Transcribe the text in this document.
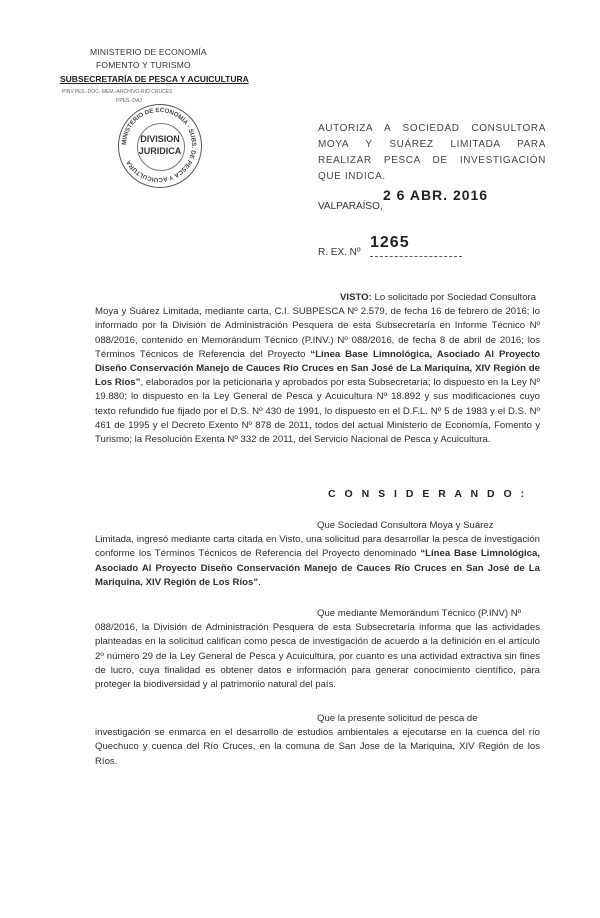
MINISTERIO DE ECONOMÍA
FOMENTO Y TURISMO
SUBSECRETARÍA DE PESCA Y ACUICULTURA
PINV.PES.-DOC.-MEM.-ARCHIVO-RIO CRUCES
PPES.-DAJ
MINISTERIO DE ECONOMÍA · SUBS. DE PESCA Y ACUICULTURA
DIVISION
JURIDICA
AUTORIZA A SOCIEDAD CONSULTORA MOYA Y SUÁREZ LIMITADA PARA REALIZAR PESCA DE INVESTIGACIÓN QUE INDICA.
VALPARAÍSO,
2 6 ABR. 2016
R. EX. Nº
1265
VISTO: Lo solicitado por Sociedad Consultora
Moya y Suárez Limitada, mediante carta, C.I. SUBPESCA Nº 2.579, de fecha 16 de febrero de 2016; lo informado por la División de Administración Pesquera de esta Subsecretaría en Informe Técnico Nº 088/2016, contenido en Memorándum Técnico (P.INV.) Nº 088/2016, de fecha 8 de abril de 2016; los Términos Técnicos de Referencia del Proyecto “Línea Base Limnológica, Asociado Al Proyecto Diseño Conservación Manejo de Cauces Río Cruces en San José de La Mariquina, XIV Región de Los Ríos”, elaborados por la peticionaria y aprobados por esta Subsecretaría; lo dispuesto en la Ley Nº 19.880; lo dispuesto en la Ley General de Pesca y Acuicultura Nº 18.892 y sus modificaciones cuyo texto refundido fue fijado por el D.S. Nº 430 de 1991, lo dispuesto en el D.F.L. Nº 5 de 1983 y el D.S. Nº 461 de 1995 y el Decreto Exento Nº 878 de 2011, todos del actual Ministerio de Economía, Fomento y Turismo; la Resolución Exenta Nº 332 de 2011, del Servicio Nacional de Pesca y Acuicultura.
C O N S I D E R A N D O :
Que Sociedad Consultora Moya y Suárez
Limitada, ingresó mediante carta citada en Visto, una solicitud para desarrollar la pesca de investigación conforme los Términos Técnicos de Referencia del Proyecto denominado “Línea Base Limnológica, Asociado Al Proyecto Diseño Conservación Manejo de Cauces Río Cruces en San José de La Mariquina, XIV Región de Los Ríos”.
Que mediante Memorándum Técnico (P.INV) Nº
088/2016, la División de Administración Pesquera de esta Subsecretaría informa que las actividades planteadas en la solicitud califican como pesca de investigación de acuerdo a la definición en el artículo 2º número 29 de la Ley General de Pesca y Acuicultura, por cuanto es una actividad extractiva sin fines de lucro, cuya finalidad es obtener datos e información para generar conocimiento científico, para proteger la biodiversidad y al patrimonio natural del país.
Que la presente solicitud de pesca de
investigación se enmarca en el desarrollo de estudios ambientales a ejecutarse en la cuenca del río Quechuco y cuenca del Río Cruces, en la comuna de San Jose de la Mariquina, XIV Región de los Ríos.
